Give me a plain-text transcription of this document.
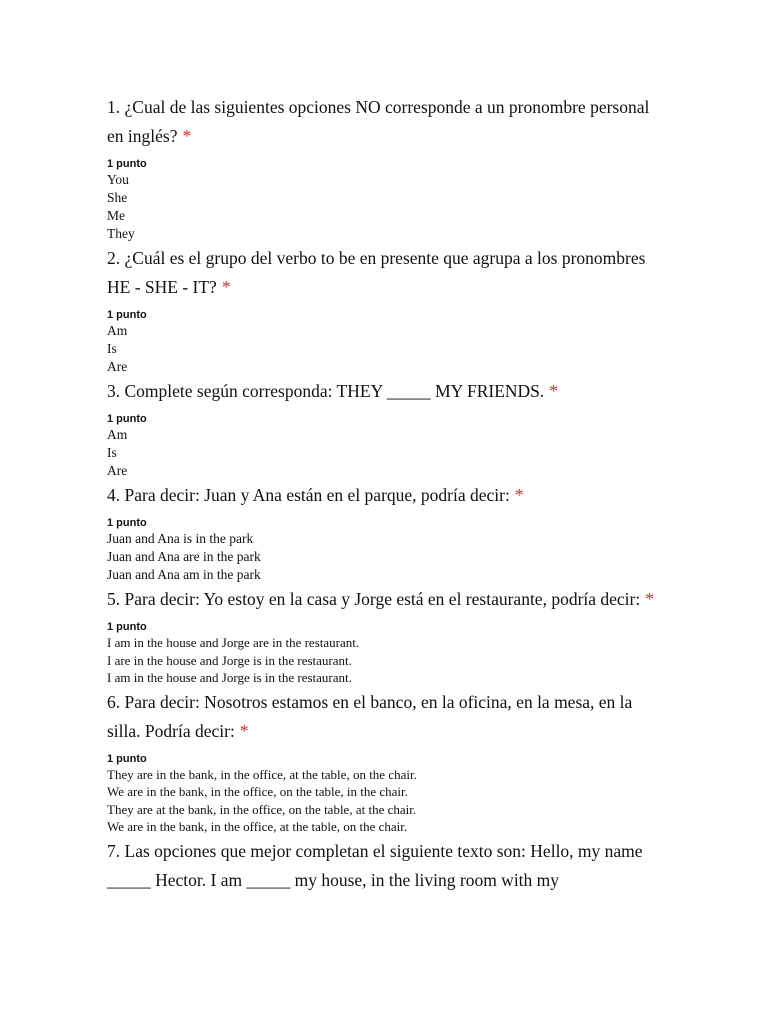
1. ¿Cual de las siguientes opciones NO corresponde a un pronombre personal en inglés? *

1 punto
You
She
Me
They

2. ¿Cuál es el grupo del verbo to be en presente que agrupa a los pronombres HE - SHE - IT? *

1 punto
Am
Is
Are

3. Complete según corresponda: THEY _____ MY FRIENDS. *

1 punto
Am
Is
Are

4. Para decir: Juan y Ana están en el parque, podría decir: *

1 punto
Juan and Ana is in the park
Juan and Ana are in the park
Juan and Ana am in the park

5. Para decir: Yo estoy en la casa y Jorge está en el restaurante, podría decir: *

1 punto
I am in the house and Jorge are in the restaurant.
I are in the house and Jorge is in the restaurant.
I am in the house and Jorge is in the restaurant.

6. Para decir: Nosotros estamos en el banco, en la oficina, en la mesa, en la silla. Podría decir: *

1 punto
They are in the bank, in the office, at the table, on the chair.
We are in the bank, in the office, on the table, in the chair.
They are at the bank, in the office, on the table, at the chair.
We are in the bank, in the office, at the table, on the chair.

7. Las opciones que mejor completan el siguiente texto son: Hello, my name _____ Hector. I am _____ my house, in the living room with my
